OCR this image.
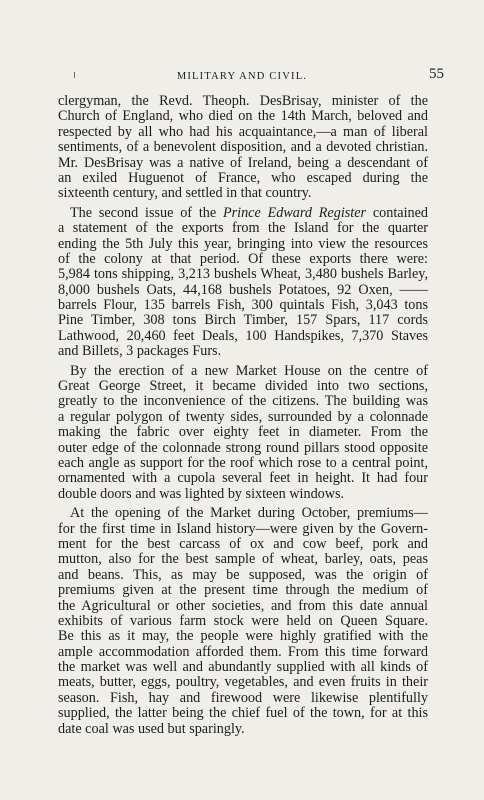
MILITARY AND CIVIL.	55
clergyman, the Revd. Theoph. DesBrisay, minister of the
Church of England, who died on the 14th March, beloved and
respected by all who had his acquaintance,—a man of liberal
sentiments, of a benevolent disposition, and a devoted christian.
Mr. DesBrisay was a native of Ireland, being a descendant of
an exiled Huguenot of France, who escaped during the
sixteenth century, and settled in that country.
The second issue of the Prince Edward Register contained
a statement of the exports from the Island for the quarter
ending the 5th July this year, bringing into view the resources
of the colony at that period. Of these exports there were:
5,984 tons shipping, 3,213 bushels Wheat, 3,480 bushels Barley,
8,000 bushels Oats, 44,168 bushels Potatoes, 92 Oxen, ——
barrels Flour, 135 barrels Fish, 300 quintals Fish, 3,043 tons
Pine Timber, 308 tons Birch Timber, 157 Spars, 117 cords
Lathwood, 20,460 feet Deals, 100 Handspikes, 7,370 Staves
and Billets, 3 packages Furs.
By the erection of a new Market House on the centre of
Great George Street, it became divided into two sections,
greatly to the inconvenience of the citizens. The building was
a regular polygon of twenty sides, surrounded by a colonnade
making the fabric over eighty feet in diameter. From the
outer edge of the colonnade strong round pillars stood opposite
each angle as support for the roof which rose to a central point,
ornamented with a cupola several feet in height. It had four
double doors and was lighted by sixteen windows.
At the opening of the Market during October, premiums—
for the first time in Island history—were given by the Govern-
ment for the best carcass of ox and cow beef, pork and
mutton, also for the best sample of wheat, barley, oats, peas
and beans. This, as may be supposed, was the origin of
premiums given at the present time through the medium of
the Agricultural or other societies, and from this date annual
exhibits of various farm stock were held on Queen Square.
Be this as it may, the people were highly gratified with the
ample accommodation afforded them. From this time forward
the market was well and abundantly supplied with all kinds of
meats, butter, eggs, poultry, vegetables, and even fruits in their
season. Fish, hay and firewood were likewise plentifully
supplied, the latter being the chief fuel of the town, for at this
date coal was used but sparingly.
